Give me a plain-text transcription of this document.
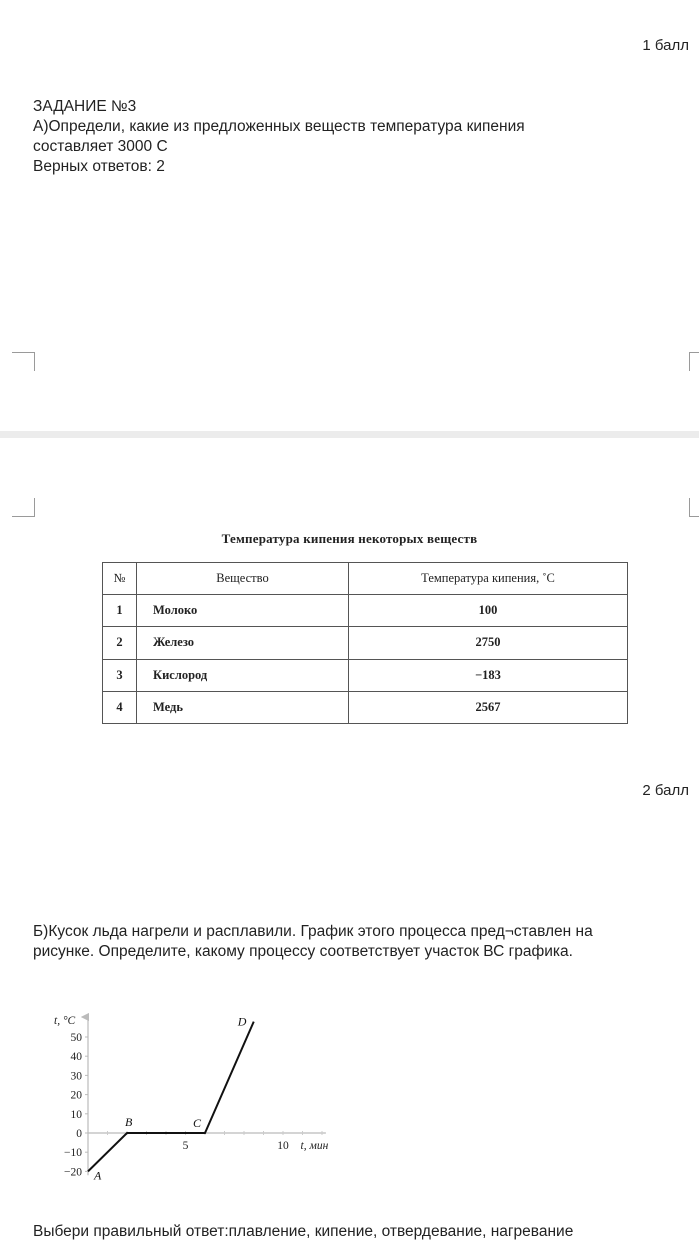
1 балл
ЗАДАНИЕ №3
А)Определи, какие из предложенных веществ температура кипения
составляет 3000 С
Верных ответов: 2
Температура кипения некоторых веществ
№	Вещество	Температура кипения, ˚С
1	Молоко	100
2	Железо	2750
3	Кислород	−183
4	Медь	2567
2 балл
Б)Кусок льда нагрели и расплавили. График этого процесса пред¬ставлен на
рисунке. Определите, какому процессу соответствует участок ВС графика.
50
40
30
20
10
0
−10
−20
5	10
t, °C
t, мин
A
B	C
D
Выбери правильный ответ:плавление, кипение, отвердевание, нагревание
